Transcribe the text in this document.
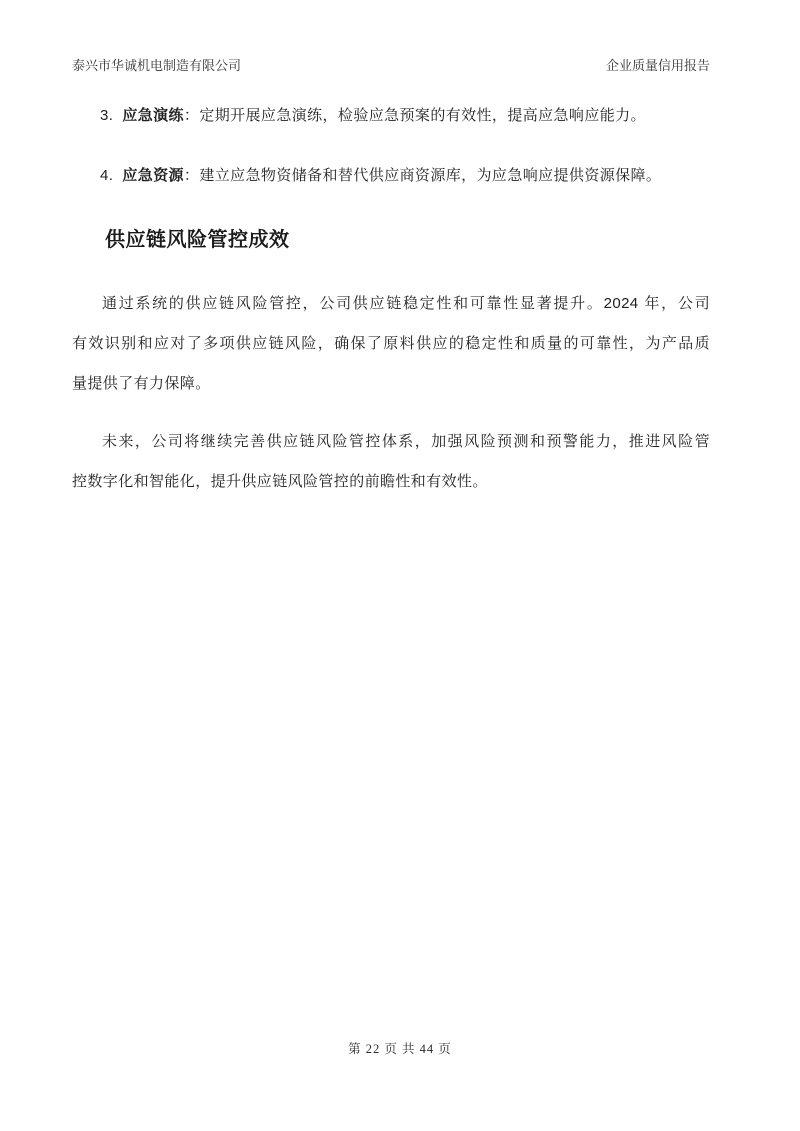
泰兴市华诚机电制造有限公司	企业质量信用报告
3. 应急演练：定期开展应急演练，检验应急预案的有效性，提高应急响应能力。
4. 应急资源：建立应急物资储备和替代供应商资源库，为应急响应提供资源保障。
供应链风险管控成效
通过系统的供应链风险管控，公司供应链稳定性和可靠性显著提升。2024 年，公司
有效识别和应对了多项供应链风险，确保了原料供应的稳定性和质量的可靠性，为产品质
量提供了有力保障。
未来，公司将继续完善供应链风险管控体系，加强风险预测和预警能力，推进风险管
控数字化和智能化，提升供应链风险管控的前瞻性和有效性。
第 22 页 共 44 页
